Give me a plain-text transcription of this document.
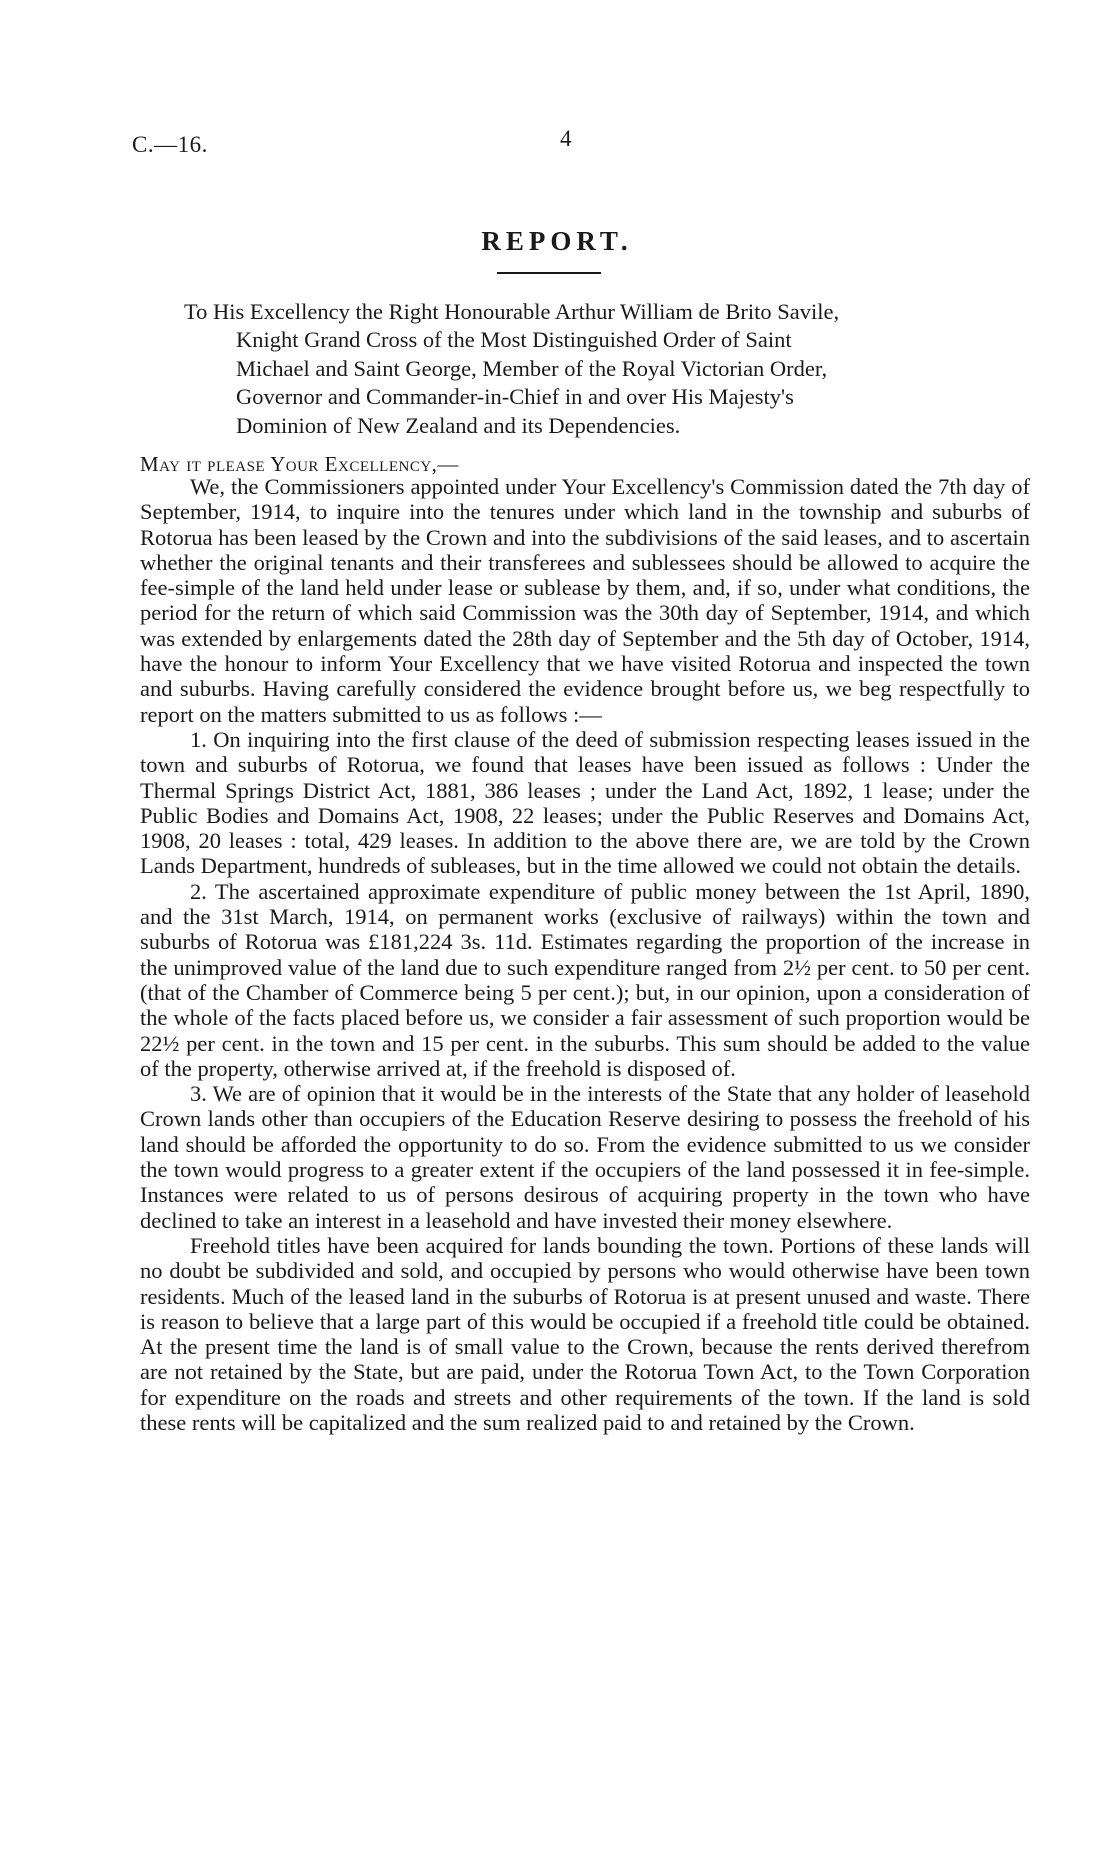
C.—16.	4
REPORT.
To His Excellency the Right Honourable Arthur William de Brito Savile,
Knight Grand Cross of the Most Distinguished Order of Saint
Michael and Saint George, Member of the Royal Victorian Order,
Governor and Commander-in-Chief in and over His Majesty's
Dominion of New Zealand and its Dependencies.
May it please Your Excellency,—

We, the Commissioners appointed under Your Excellency's Commission dated the 7th day of September, 1914, to inquire into the tenures under which land in the township and suburbs of Rotorua has been leased by the Crown and into the subdivisions of the said leases, and to ascertain whether the original tenants and their transferees and sublessees should be allowed to acquire the fee-simple of the land held under lease or sublease by them, and, if so, under what conditions, the period for the return of which said Commission was the 30th day of September, 1914, and which was extended by enlargements dated the 28th day of September and the 5th day of October, 1914, have the honour to inform Your Excellency that we have visited Rotorua and inspected the town and suburbs. Having carefully considered the evidence brought before us, we beg respectfully to report on the matters submitted to us as follows :—

1. On inquiring into the first clause of the deed of submission respecting leases issued in the town and suburbs of Rotorua, we found that leases have been issued as follows : Under the Thermal Springs District Act, 1881, 386 leases ; under the Land Act, 1892, 1 lease; under the Public Bodies and Domains Act, 1908, 22 leases; under the Public Reserves and Domains Act, 1908, 20 leases : total, 429 leases. In addition to the above there are, we are told by the Crown Lands Department, hundreds of subleases, but in the time allowed we could not obtain the details.

2. The ascertained approximate expenditure of public money between the 1st April, 1890, and the 31st March, 1914, on permanent works (exclusive of railways) within the town and suburbs of Rotorua was £181,224 3s. 11d. Estimates regarding the proportion of the increase in the unimproved value of the land due to such expenditure ranged from 2½ per cent. to 50 per cent. (that of the Chamber of Commerce being 5 per cent.); but, in our opinion, upon a consideration of the whole of the facts placed before us, we consider a fair assessment of such proportion would be 22½ per cent. in the town and 15 per cent. in the suburbs. This sum should be added to the value of the property, otherwise arrived at, if the freehold is disposed of.

3. We are of opinion that it would be in the interests of the State that any holder of leasehold Crown lands other than occupiers of the Education Reserve desiring to possess the freehold of his land should be afforded the opportunity to do so. From the evidence submitted to us we consider the town would progress to a greater extent if the occupiers of the land possessed it in fee-simple. Instances were related to us of persons desirous of acquiring property in the town who have declined to take an interest in a leasehold and have invested their money elsewhere.

Freehold titles have been acquired for lands bounding the town. Portions of these lands will no doubt be subdivided and sold, and occupied by persons who would otherwise have been town residents. Much of the leased land in the suburbs of Rotorua is at present unused and waste. There is reason to believe that a large part of this would be occupied if a freehold title could be obtained. At the present time the land is of small value to the Crown, because the rents derived therefrom are not retained by the State, but are paid, under the Rotorua Town Act, to the Town Corporation for expenditure on the roads and streets and other requirements of the town. If the land is sold these rents will be capitalized and the sum realized paid to and retained by the Crown.
